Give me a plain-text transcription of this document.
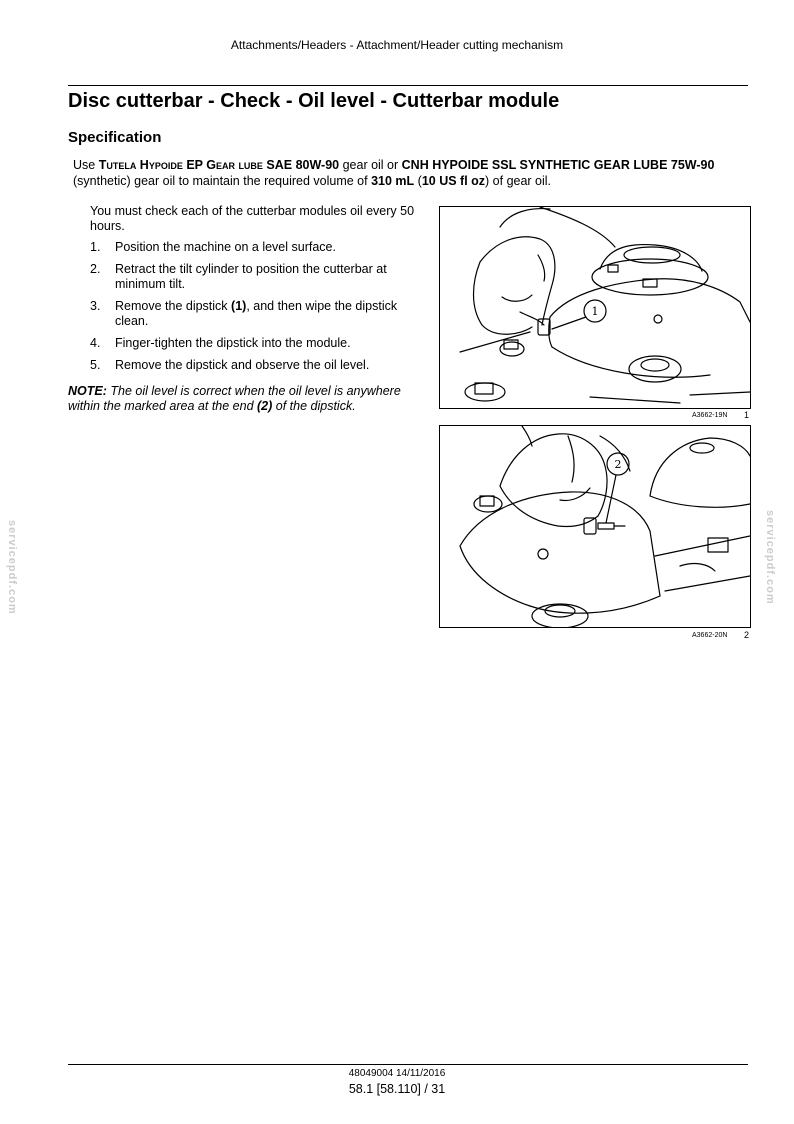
Attachments/Headers - Attachment/Header cutting mechanism
Disc cutterbar - Check - Oil level - Cutterbar module
Specification
Use Tutela Hypoide EP Gear lube SAE 80W-90 gear oil or CNH HYPOIDE SSL SYNTHETIC GEAR LUBE 75W-90 (synthetic) gear oil to maintain the required volume of 310 mL (10 US fl oz) of gear oil.
You must check each of the cutterbar modules oil every 50 hours.
1. Position the machine on a level surface.
2. Retract the tilt cylinder to position the cutterbar at minimum tilt.
3. Remove the dipstick (1), and then wipe the dipstick clean.
4. Finger-tighten the dipstick into the module.
5. Remove the dipstick and observe the oil level.
NOTE: The oil level is correct when the oil level is anywhere within the marked area at the end (2) of the dipstick.
1
A3662-19N 1
2
A3662-20N 2
servicepdf.com	servicepdf.com
48049004 14/11/2016
58.1 [58.110] / 31
